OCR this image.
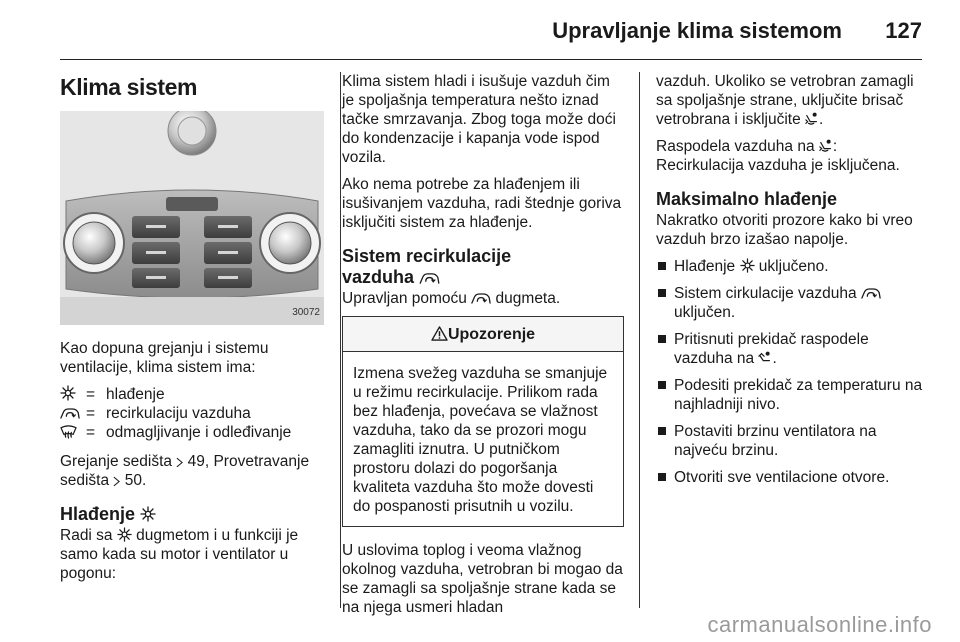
Upravljanje klima sistemom 127
Klima sistem
30072

Kao dopuna grejanju i sistemu ventilacije, klima sistem ima:

	=	hlađenje
	=	recirkulaciju vazduha
	=	odmagljivanje i odleđivanje

Grejanje sedišta  49, Provetravanje sedišta  50.

Hlađenje

Radi sa  dugmetom i u funkciji je samo kada su motor i ventilator u pogonu:

Klima sistem hladi i isušuje vazduh čim je spoljašnja temperatura nešto iznad tačke smrzavanja. Zbog toga može doći do kondenzacije i kapanja vode ispod vozila.

Ako nema potrebe za hlađenjem ili isušivanjem vazduha, radi štednje goriva isključiti sistem za hlađenje.

Sistem recirkulacije
vazduha

Upravljan pomoću  dugmeta.

Upozorenje
Izmena svežeg vazduha se smanjuje u režimu recirkulacije. Prilikom rada bez hlađenja, povećava se vlažnost vazduha, tako da se prozori mogu zamagliti iznutra. U putničkom prostoru dolazi do pogoršanja kvaliteta vazduha što može dovesti do pospanosti prisutnih u vozilu.

U uslovima toplog i veoma vlažnog okolnog vazduha, vetrobran bi mogao da se zamagli sa spoljašnje strane kada se na njega usmeri hladan

vazduh. Ukoliko se vetrobran zamagli sa spoljašnje strane, uključite brisač vetrobrana i isključite .

Raspodela vazduha na :
Recirkulacija vazduha je isključena.

Maksimalno hlađenje

Nakratko otvoriti prozore kako bi vreo vazduh brzo izašao napolje.

Hlađenje  uključeno.
Sistem cirkulacije vazduha  uključen.
Pritisnuti prekidač raspodele vazduha na .
Podesiti prekidač za temperaturu na najhladniji nivo.
Postaviti brzinu ventilatora na najveću brzinu.
Otvoriti sve ventilacione otvore.
carmanualsonline.info
